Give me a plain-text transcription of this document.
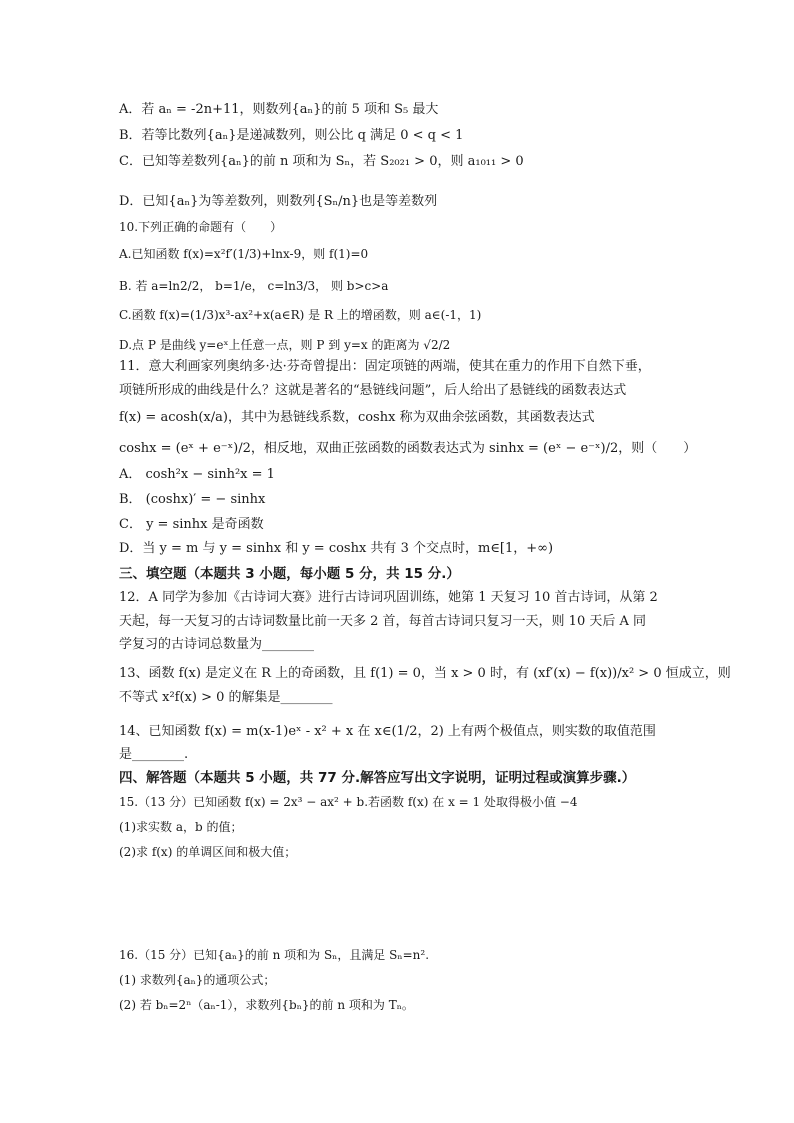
A．若 aₙ = -2n+11，则数列{aₙ}的前 5 项和 S₅ 最大
B．若等比数列{aₙ}是递减数列，则公比 q 满足 0 < q < 1
C．已知等差数列{aₙ}的前 n 项和为 Sₙ，若 S₂₀₂₁ > 0，则 a₁₀₁₁ > 0
D．已知{aₙ}为等差数列，则数列{Sₙ/n}也是等差数列
10.下列正确的命题有（　　）
A.已知函数 f(x)=x²f′(1/3)+lnx-9，则 f(1)=0
B. 若 a=ln2/2， b=1/e， c=ln3/3， 则 b>c>a
C.函数 f(x)=(1/3)x³-ax²+x(a∈R) 是 R 上的增函数，则 a∈(-1，1)
D.点 P 是曲线 y=eˣ上任意一点，则 P 到 y=x 的距离为 √2/2
11．意大利画家列奥纳多·达·芬奇曾提出：固定项链的两端，使其在重力的作用下自然下垂，
项链所形成的曲线是什么？这就是著名的“悬链线问题”，后人给出了悬链线的函数表达式
f(x) = acosh(x/a)，其中为悬链线系数，coshx 称为双曲余弦函数，其函数表达式
coshx = (eˣ + e⁻ˣ)/2，相反地，双曲正弦函数的函数表达式为 sinhx = (eˣ − e⁻ˣ)/2，则（　　）
A． cosh²x − sinh²x = 1
B． (coshx)′ = − sinhx
C． y = sinhx 是奇函数
D．当 y = m 与 y = sinhx 和 y = coshx 共有 3 个交点时，m∈[1，+∞)
三、填空题（本题共 3 小题，每小题 5 分，共 15 分.）
12．A 同学为参加《古诗词大赛》进行古诗词巩固训练，她第 1 天复习 10 首古诗词，从第 2
天起，每一天复习的古诗词数量比前一天多 2 首，每首古诗词只复习一天，则 10 天后 A 同
学复习的古诗词总数量为________
13、函数 f(x) 是定义在 R 上的奇函数，且 f(1) = 0，当 x > 0 时，有 (xf′(x) − f(x))/x² > 0 恒成立，则
不等式 x²f(x) > 0 的解集是________
14、已知函数 f(x) = m(x-1)eˣ - x² + x 在 x∈(1/2，2) 上有两个极值点，则实数的取值范围
是________.
四、解答题（本题共 5 小题，共 77 分.解答应写出文字说明，证明过程或演算步骤.）
15.（13 分）已知函数 f(x) = 2x³ − ax² + b.若函数 f(x) 在 x = 1 处取得极小值 −4
(1)求实数 a，b 的值；
(2)求 f(x) 的单调区间和极大值；
16.（15 分）已知{aₙ}的前 n 项和为 Sₙ，且满足 Sₙ=n².
(1) 求数列{aₙ}的通项公式；
(2) 若 bₙ=2ⁿ（aₙ-1），求数列{bₙ}的前 n 项和为 Tₙ。
